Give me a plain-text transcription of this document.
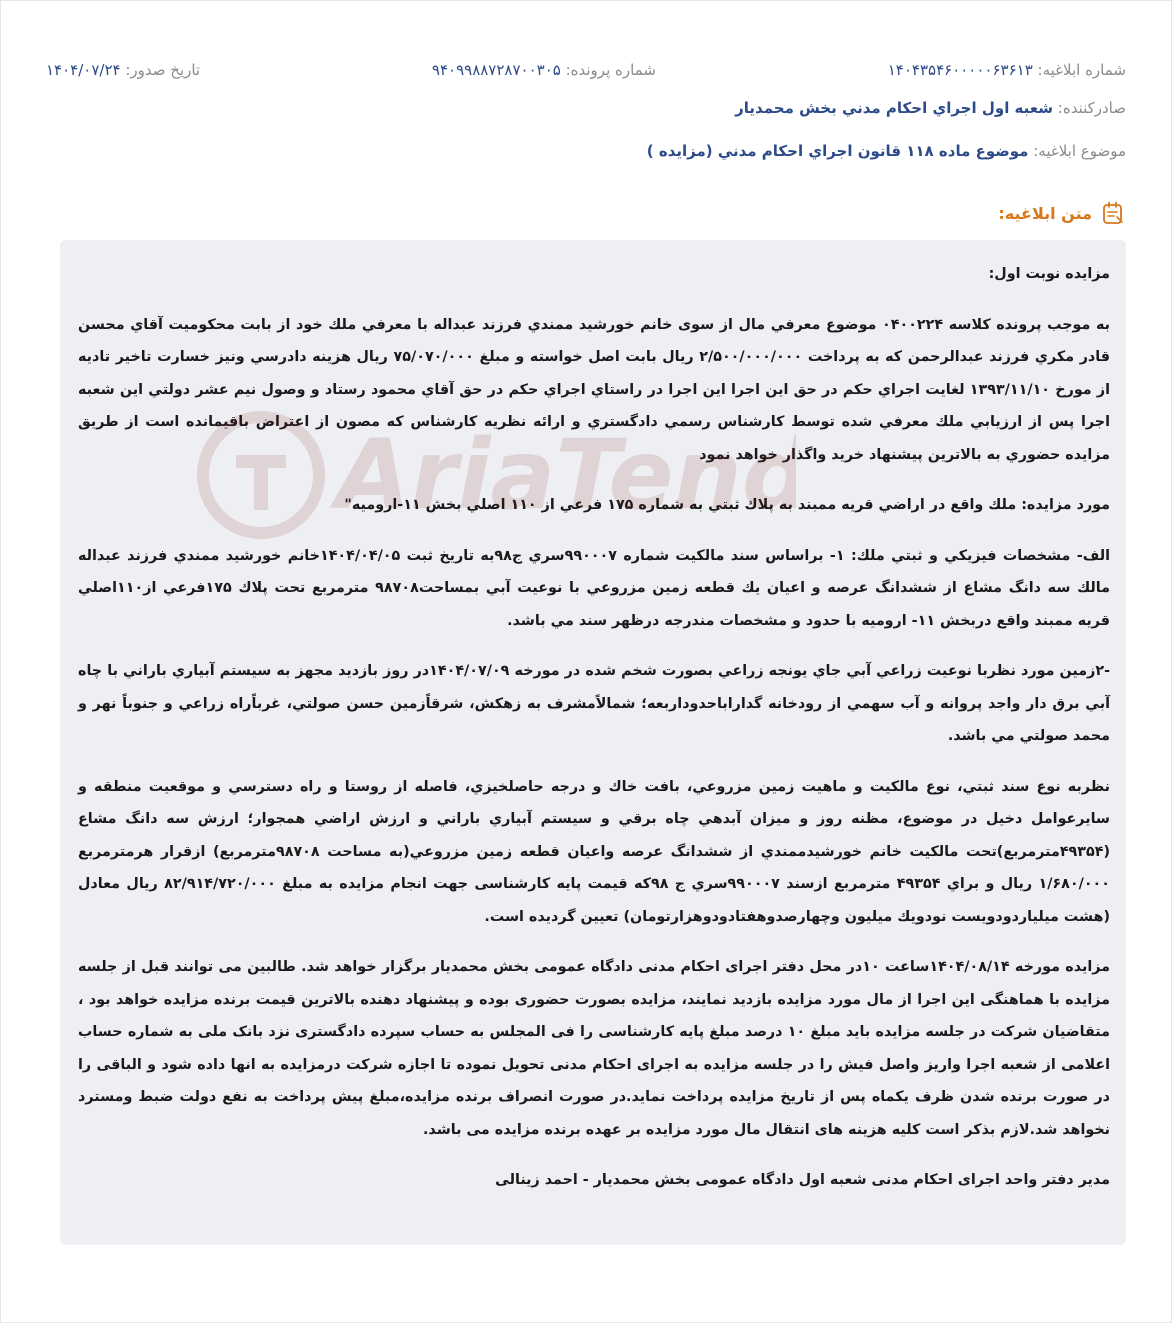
شماره ابلاغیه: ۱۴۰۴۳۵۴۶۰۰۰۰۰۶۳۶۱۳
شماره پرونده: ۹۴۰۹۹۸۸۷۲۸۷۰۰۳۰۵
تاریخ صدور: ۱۴۰۴/۰۷/۲۴
صادرکننده: شعبه اول اجراي احكام مدني بخش محمديار
موضوع ابلاغیه: موضوع ماده ۱۱۸ قانون اجراي احكام مدني (مزايده )
متن ابلاغیه:

مزايده نوبت اول:

به موجب پرونده كلاسه ۰۴۰۰۲۲۴ موضوع معرفي مال از سوی خانم خورشيد ممندي فرزند عبداله با معرفي ملك خود از بابت محكوميت آقاي محسن قادر مكري فرزند عبدالرحمن كه به پرداخت ۲/۵۰۰/۰۰۰/۰۰۰ ريال بابت اصل خواسته و مبلغ ۷۵/۰۷۰/۰۰۰ ريال هزينه دادرسي ونيز خسارت تاخير تاديه از مورخ ۱۳۹۳/۱۱/۱۰ لغايت اجراي حكم در حق اين اجرا اين اجرا در راستاي اجراي حكم در حق آقاي محمود رستاد و وصول نيم عشر دولتي اين شعبه اجرا پس از ارزيابي ملك معرفي شده توسط كارشناس رسمي دادگستري و ارائه نظريه كارشناس كه مصون از اعتراض باقيمانده است از طريق مزايده حضوري به بالاترين پيشنهاد خريد واگذار خواهد نمود

مورد مزايده: ملك واقع در اراضي قريه ممبند به پلاك ثبتي به شماره ۱۷۵ فرعي از ۱۱۰ اصلي بخش ۱۱-اروميه"

الف- مشخصات فيزيكي و ثبتي ملك: ۱- براساس سند مالكيت شماره ۹۹۰۰۰۷سري ج۹۸به تاريخ ثبت ۱۴۰۴/۰۴/۰۵خانم خورشيد ممندي فرزند عبداله مالك سه دانگ مشاع از ششدانگ عرصه و اعيان يك قطعه زمين مزروعي با نوعيت آبي بمساحت۹۸۷۰۸ مترمربع تحت پلاك ۱۷۵فرعي از۱۱۰اصلي قريه ممبند واقع دربخش ۱۱- اروميه با حدود و مشخصات مندرجه درظهر سند مي باشد.

-۲زمين مورد نظربا نوعيت زراعي آبي جاي يونجه زراعي بصورت شخم شده در مورخه ۱۴۰۴/۰۷/۰۹در روز بازديد مجهز به سيستم آبياري باراني با چاه آبي برق دار واجد پروانه و آب سهمي از رودخانه گداراباحدوداربعه؛ شمالاًمشرف به زهكش، شرقاًزمين حسن صولتي، غرباًراه زراعي و جنوباً نهر و محمد صولتي مي باشد.

نظربه نوع سند ثبتي، نوع مالكيت و ماهيت زمين مزروعي، بافت خاك و درجه حاصلخيزي، فاصله از روستا و راه دسترسي و موقعيت منطقه و سايرعوامل دخيل در موضوع، مظنه روز و ميزان آبدهي چاه برقي و سيستم آبياري باراني و ارزش اراضي همجوار؛ ارزش سه دانگ مشاع (۴۹۳۵۴مترمربع)تحت مالكيت خانم خورشيدممندي از ششدانگ عرصه واعيان قطعه زمين مزروعي(به مساحت ۹۸۷۰۸مترمربع) ازقرار هرمترمربع ۱/۶۸۰/۰۰۰ ريال و براي ۴۹۳۵۴ مترمربع ازسند ۹۹۰۰۰۷سري ج ۹۸كه قيمت پايه كارشناسی جهت انجام مزايده به مبلغ ۸۲/۹۱۴/۷۲۰/۰۰۰ ريال معادل (هشت ميلياردودويست نودويك ميليون وچهارصدوهفتادودوهزارتومان) تعيين گرديده است.

مزايده مورخه ۱۴۰۴/۰۸/۱۴ساعت ۱۰در محل دفتر اجرای احکام مدنی دادگاه عمومی بخش محمديار برگزار خواهد شد. طالبين می توانند قبل از جلسه مزايده با هماهنگی اين اجرا از مال مورد مزايده بازديد نمايند، مزايده بصورت حضوری بوده و پيشنهاد دهنده بالاترين قيمت برنده مزايده خواهد بود ، متقاضيان شرکت در جلسه مزايده بايد مبلغ ۱۰ درصد مبلغ پايه کارشناسی را فی المجلس به حساب سپرده دادگستری نزد بانک ملی به شماره حساب اعلامی از شعبه اجرا واريز واصل فيش را در جلسه مزايده به اجرای احکام مدنی تحويل نموده تا اجازه شرکت درمزايده به انها داده شود و الباقی را در صورت برنده شدن ظرف يکماه پس از تاريخ مزايده پرداخت نمايد.در صورت انصراف برنده مزايده،مبلغ پيش پرداخت به نفع دولت ضبط ومسترد نخواهد شد.لازم بذکر است کليه هزينه های انتقال مال مورد مزايده بر عهده برنده مزايده می باشد.

مدير دفتر واحد اجرای احکام مدنی شعبه اول دادگاه عمومی بخش محمديار - احمد زينالی
